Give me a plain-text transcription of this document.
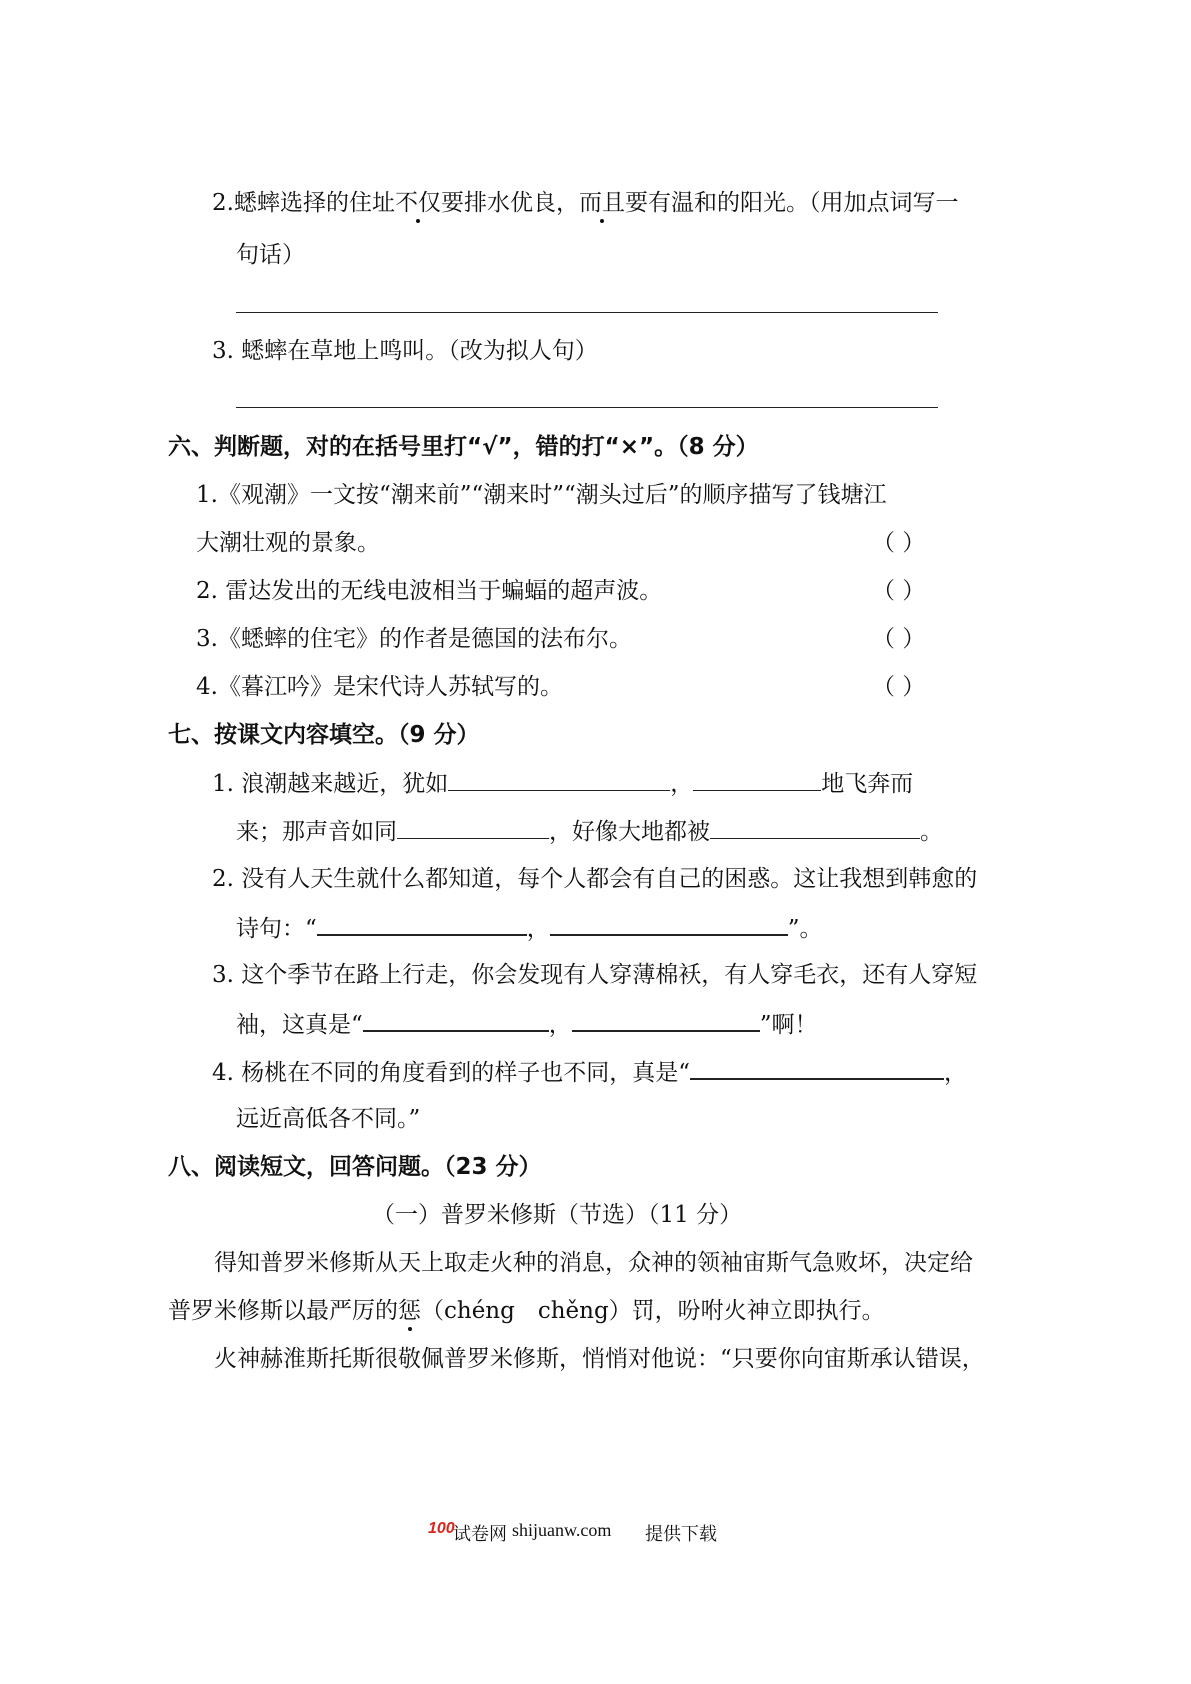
2.蟋蟀选择的住址不仅要排水优良，而且要有温和的阳光。（用加点词写一
句话）
3. 蟋蟀在草地上鸣叫。（改为拟人句）
六、判断题，对的在括号里打“√”，错的打“×”。（8 分）
1.《观潮》一文按“潮来前”“潮来时”“潮头过后”的顺序描写了钱塘江
大潮壮观的景象。	（ ）
2. 雷达发出的无线电波相当于蝙蝠的超声波。	（ ）
3.《蟋蟀的住宅》的作者是德国的法布尔。	（ ）
4.《暮江吟》是宋代诗人苏轼写的。	（ ）
七、按课文内容填空。（9 分）
1. 浪潮越来越近，犹如	，	地飞奔而
来；那声音如同	，好像大地都被	。
2. 没有人天生就什么都知道，每个人都会有自己的困惑。这让我想到韩愈的
诗句：“	，	”。
3. 这个季节在路上行走，你会发现有人穿薄棉袄，有人穿毛衣，还有人穿短
袖，这真是“	，	”啊！
4. 杨桃在不同的角度看到的样子也不同，真是“	，
远近高低各不同。”
八、阅读短文，回答问题。（23 分）
（一）普罗米修斯（节选）（11 分）
得知普罗米修斯从天上取走火种的消息，众神的领袖宙斯气急败坏，决定给
普罗米修斯以最严厉的惩（chéng　chěng）罚，吩咐火神立即执行。
火神赫淮斯托斯很敬佩普罗米修斯，悄悄对他说：“只要你向宙斯承认错误，
100
试卷网 shijuanw.com 提供下载
